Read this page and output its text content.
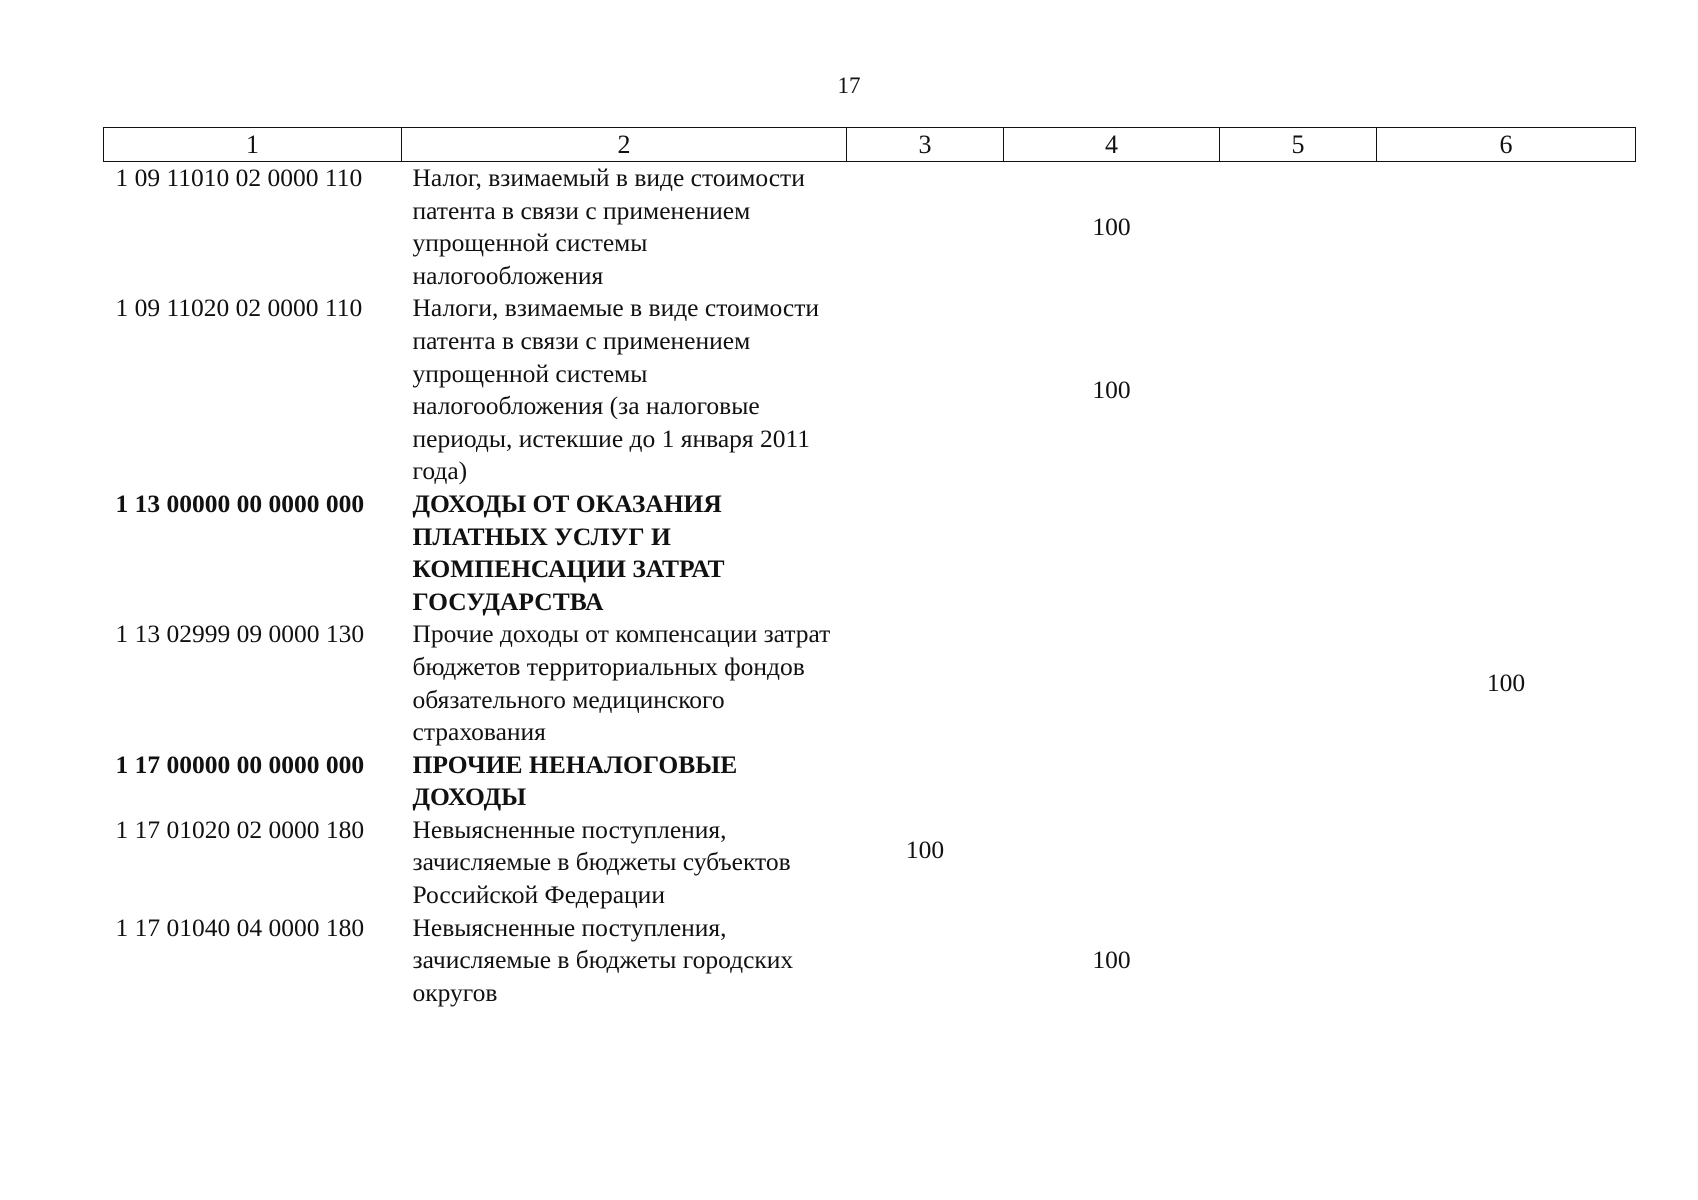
17
1	2	3	4	5	6
1 09 11010 02 0000 110	Налог, взимаемый в виде стоимости патента в связи с применением упрощенной системы налогообложения		100		
1 09 11020 02 0000 110	Налоги, взимаемые в виде стоимости патента в связи с применением упрощенной системы налогообложения (за налоговые периоды, истекшие до 1 января 2011 года)		100		
1 13 00000 00 0000 000	ДОХОДЫ ОТ ОКАЗАНИЯ ПЛАТНЫХ УСЛУГ И КОМПЕНСАЦИИ ЗАТРАТ ГОСУДАРСТВА				
1 13 02999 09 0000 130	Прочие доходы от компенсации затрат бюджетов территориальных фондов обязательного медицинского страхования				100
1 17 00000 00 0000 000	ПРОЧИЕ НЕНАЛОГОВЫЕ ДОХОДЫ				
1 17 01020 02 0000 180	Невыясненные поступления, зачисляемые в бюджеты субъектов Российской Федерации	100			
1 17 01040 04 0000 180	Невыясненные поступления, зачисляемые в бюджеты городских округов		100		
